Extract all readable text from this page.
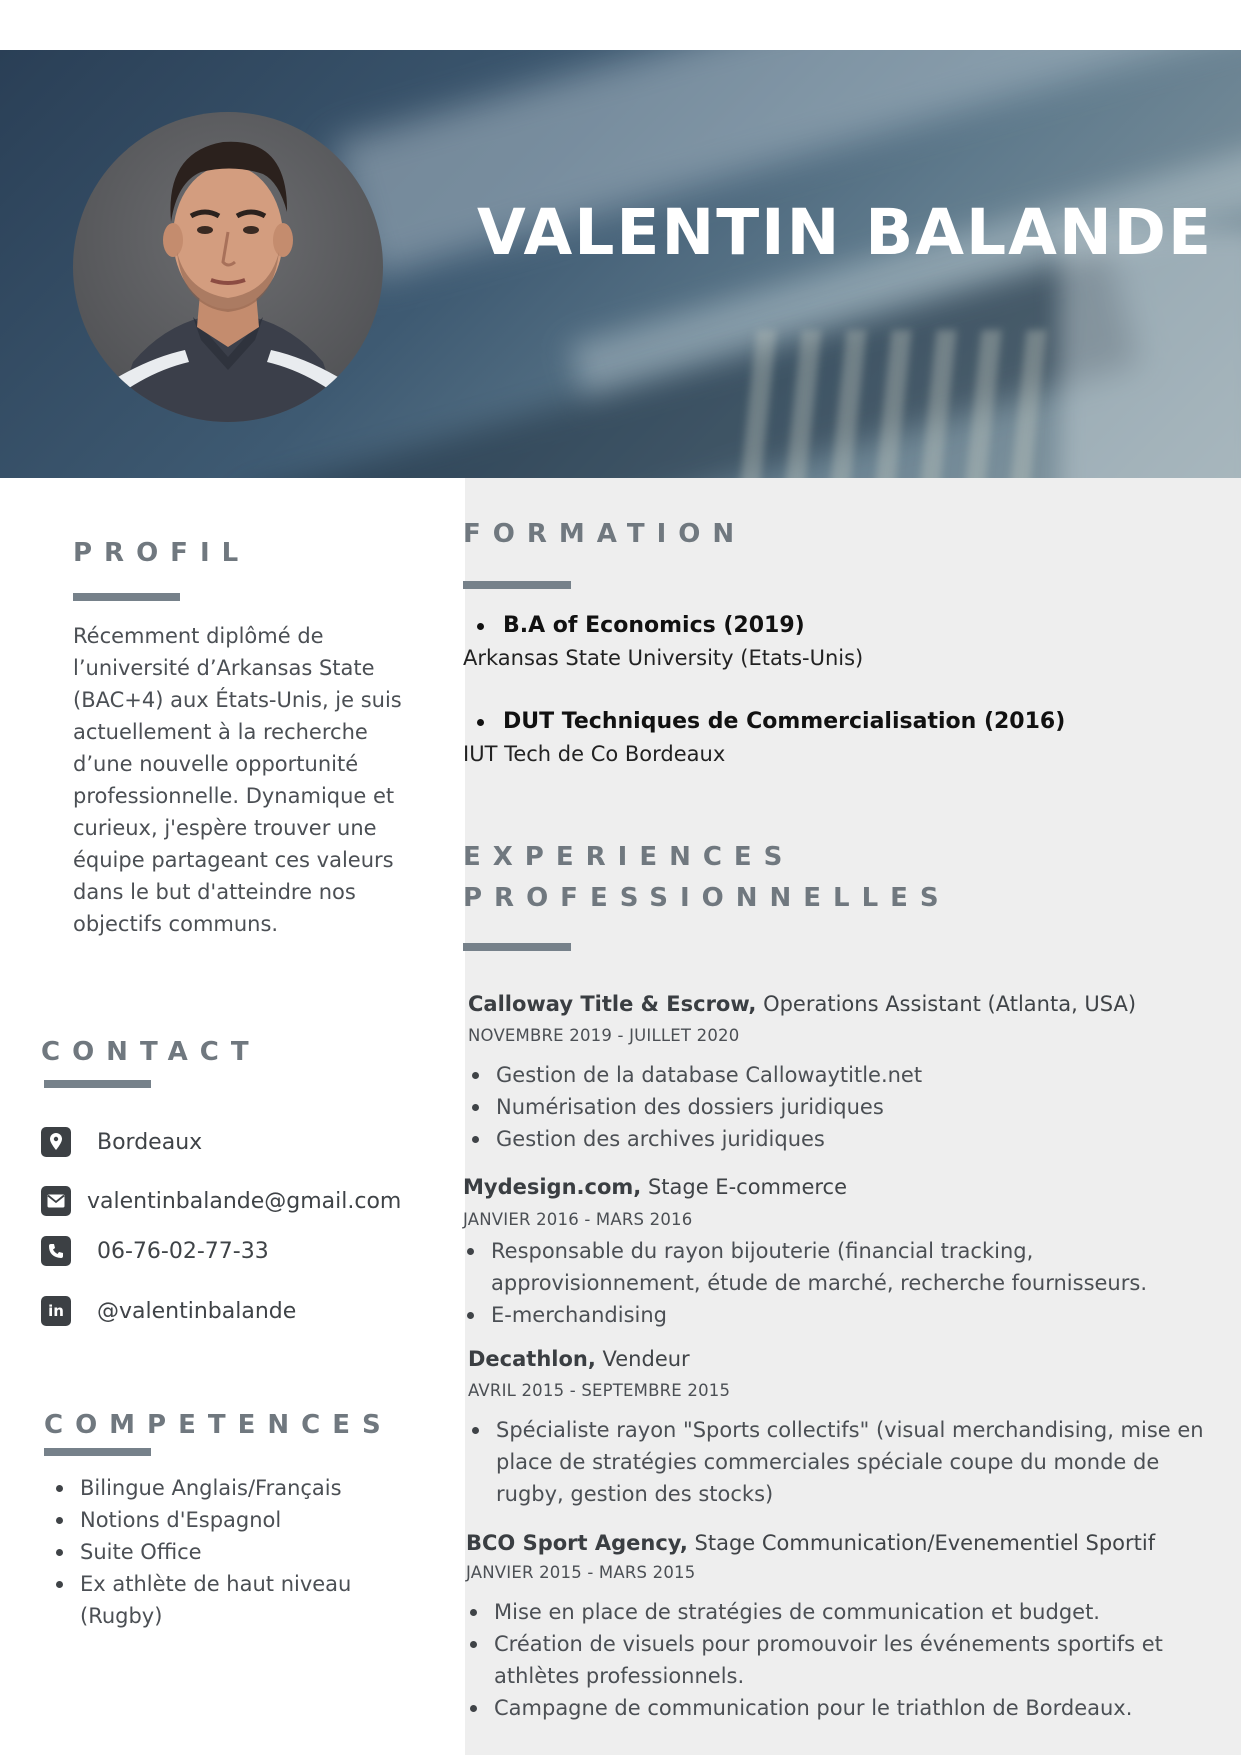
VALENTIN BALANDE
PROFIL

Récemment diplômé de l’université d’Arkansas State (BAC+4) aux États-Unis, je suis actuellement à la recherche d’une nouvelle opportunité professionnelle. Dynamique et curieux, j'espère trouver une équipe partageant ces valeurs dans le but d'atteindre nos objectifs communs.

CONTACT
Bordeaux
valentinbalande@gmail.com
06-76-02-77-33
in	@valentinbalande
COMPETENCES
Bilingue Anglais/Français
Notions d'Espagnol
Suite Office
Ex athlète de haut niveau (Rugby)
FORMATION
B.A of Economics (2019)
Arkansas State University (Etats-Unis)
DUT Techniques de Commercialisation (2016)
IUT Tech de Co Bordeaux
EXPERIENCES
PROFESSIONNELLES
Calloway Title & Escrow, Operations Assistant (Atlanta, USA)
NOVEMBRE 2019 - JUILLET 2020
Gestion de la database Callowaytitle.net
Numérisation des dossiers juridiques
Gestion des archives juridiques
Mydesign.com, Stage E-commerce
JANVIER 2016 - MARS 2016
Responsable du rayon bijouterie (financial tracking, approvisionnement, étude de marché, recherche fournisseurs.
E-merchandising
Decathlon, Vendeur
AVRIL 2015 - SEPTEMBRE 2015
Spécialiste rayon "Sports collectifs" (visual merchandising, mise en place de stratégies commerciales spéciale coupe du monde de rugby, gestion des stocks)
BCO Sport Agency, Stage Communication/Evenementiel Sportif
JANVIER 2015 - MARS 2015
Mise en place de stratégies de communication et budget.
Création de visuels pour promouvoir les événements sportifs et athlètes professionnels.
Campagne de communication pour le triathlon de Bordeaux.
